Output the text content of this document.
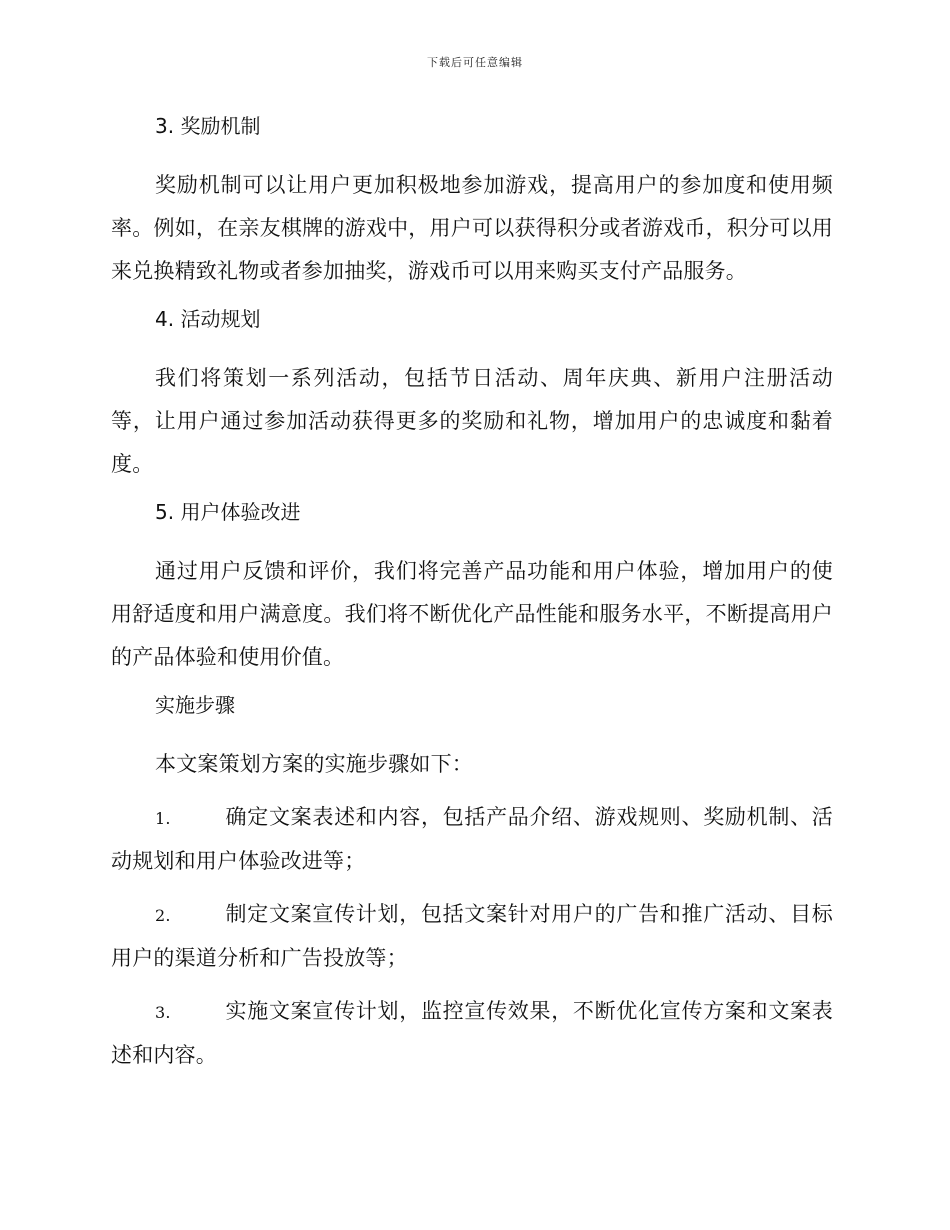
下载后可任意编辑
3. 奖励机制

奖励机制可以让用户更加积极地参加游戏，提高用户的参加度和使用频率。例如，在亲友棋牌的游戏中，用户可以获得积分或者游戏币，积分可以用来兑换精致礼物或者参加抽奖，游戏币可以用来购买支付产品服务。

4. 活动规划

我们将策划一系列活动，包括节日活动、周年庆典、新用户注册活动等，让用户通过参加活动获得更多的奖励和礼物，增加用户的忠诚度和黏着度。

5. 用户体验改进

通过用户反馈和评价，我们将完善产品功能和用户体验，增加用户的使用舒适度和用户满意度。我们将不断优化产品性能和服务水平，不断提高用户的产品体验和使用价值。

实施步骤

本文案策划方案的实施步骤如下：

1.	确定文案表述和内容，包括产品介绍、游戏规则、奖励机制、活动规划和用户体验改进等；

2.	制定文案宣传计划，包括文案针对用户的广告和推广活动、目标用户的渠道分析和广告投放等；

3.	实施文案宣传计划，监控宣传效果，不断优化宣传方案和文案表述和内容。
